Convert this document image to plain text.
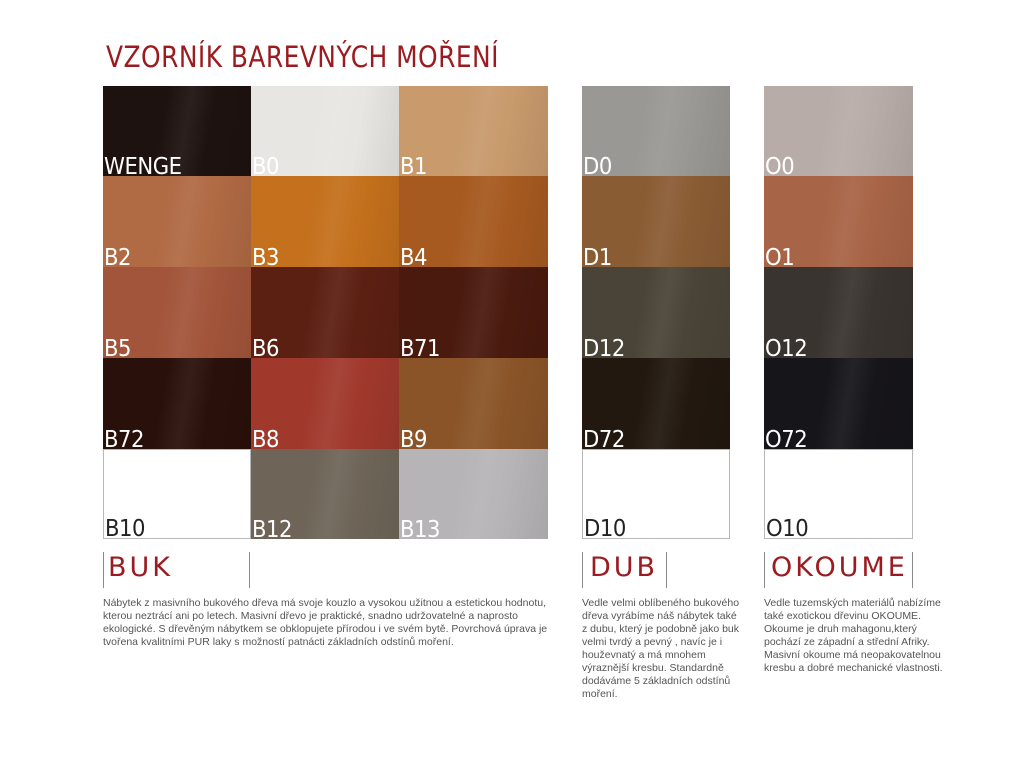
VZORNÍK BAREVNÝCH MOŘENÍ
WENGE	B0	B1
B2	B3	B4
B5	B6	B71
B72	B8	B9
B10	B12	B13
D0
D1
D12
D72
D10
O0
O1
O12
O72
O10
BUK	DUB	OKOUME
Nábytek z masivního bukového dřeva má svoje kouzlo a vysokou užitnou a estetickou hodnotu, kterou neztrácí ani po letech. Masivní dřevo je praktické, snadno udržovatelné a naprosto ekologické. S dřevěným nábytkem se obklopujete přírodou i ve svém bytě. Povrchová úprava je tvořena kvalitními PUR laky s možností patnácti základních odstínů moření.
Vedle velmi oblíbeného bukového dřeva vyrábíme náš nábytek také z dubu, který je podobně jako buk velmi tvrdý a pevný , navíc je i houževnatý a má mnohem výraznější kresbu. Standardně dodáváme 5 základních odstínů moření.
Vedle tuzemských materiálů nabízíme také exotickou dřevinu OKOUME. Okoume je druh mahagonu,který pochází ze západní a střední Afriky. Masivní okoume má neopakovatelnou kresbu a dobré mechanické vlastnosti.
